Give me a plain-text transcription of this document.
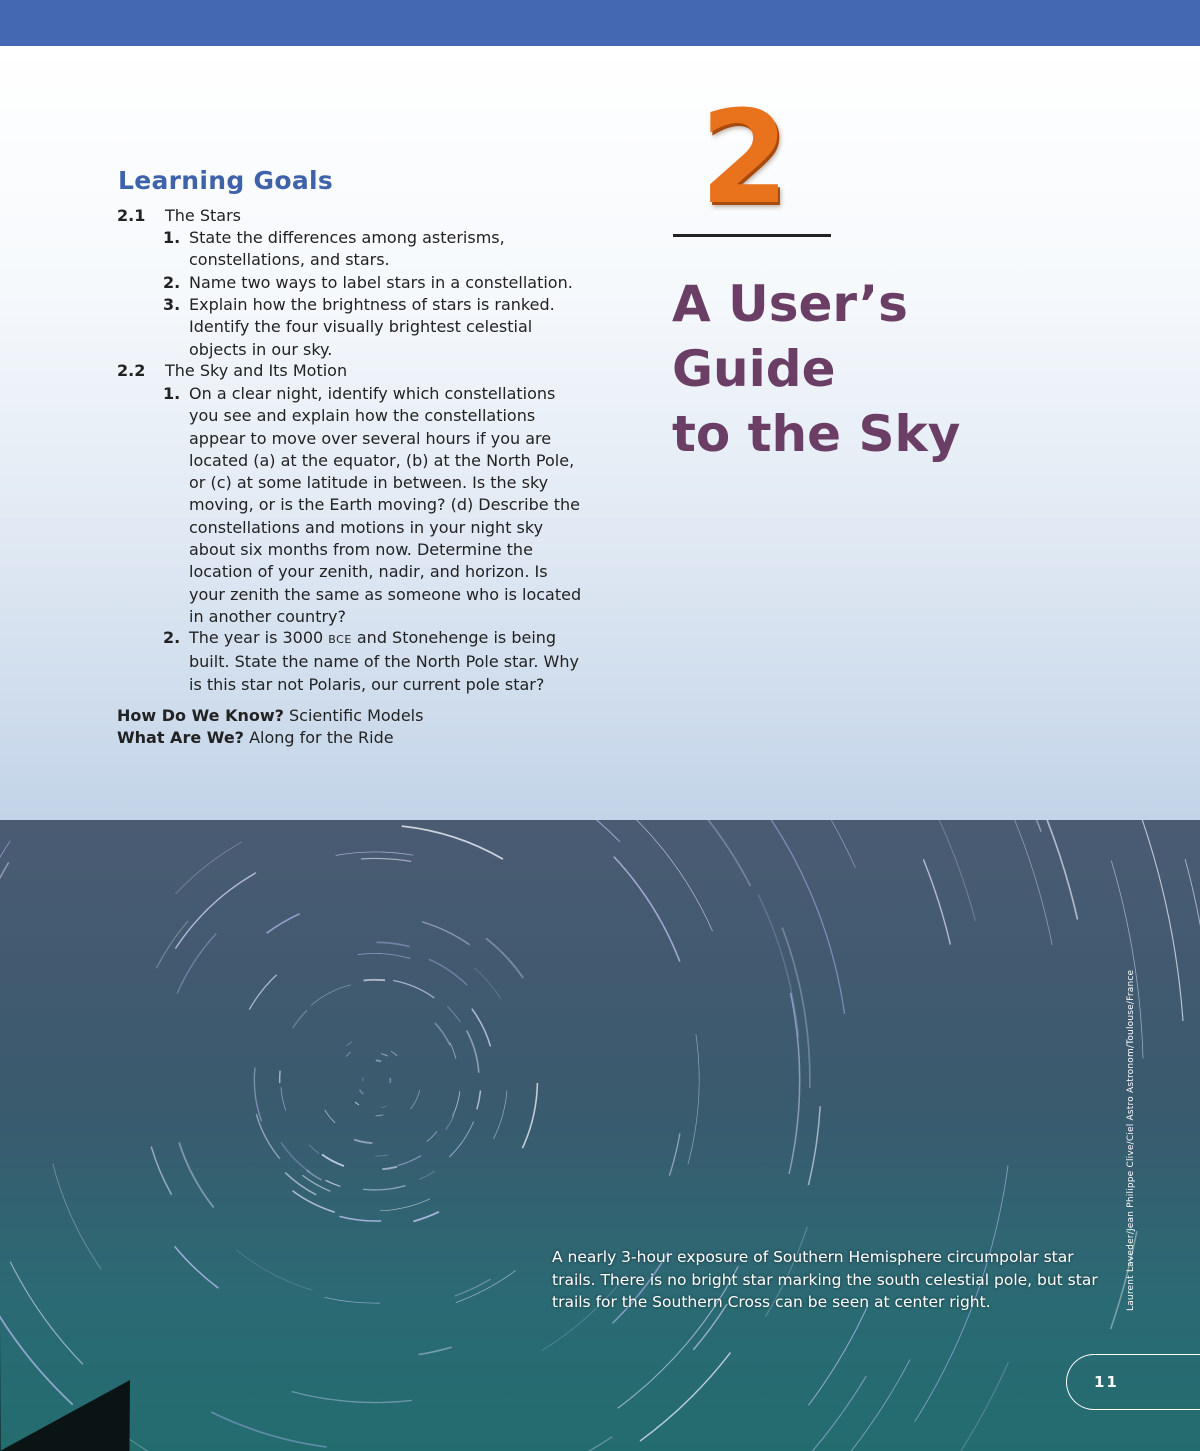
Learning Goals
2.1 The Stars
1. State the differences among asterisms,
constellations, and stars.
2. Name two ways to label stars in a constellation.
3. Explain how the brightness of stars is ranked.
Identify the four visually brightest celestial
objects in our sky.
2.2 The Sky and Its Motion
1. On a clear night, identify which constellations
you see and explain how the constellations
appear to move over several hours if you are
located (a) at the equator, (b) at the North Pole,
or (c) at some latitude in between. Is the sky
moving, or is the Earth moving? (d) Describe the
constellations and motions in your night sky
about six months from now. Determine the
location of your zenith, nadir, and horizon. Is
your zenith the same as someone who is located
in another country?
2. The year is 3000 BCE and Stonehenge is being
built. State the name of the North Pole star. Why
is this star not Polaris, our current pole star?
How Do We Know? Scientific Models
What Are We? Along for the Ride
2
A User’s
Guide
to the Sky
A nearly 3-hour exposure of Southern Hemisphere circumpolar star trails. There is no bright star marking the south celestial pole, but star trails for the Southern Cross can be seen at center right.	Laurent Laveder/Jean Philippe Clive/Ciel Astro Astronom/Toulouse/France
11
